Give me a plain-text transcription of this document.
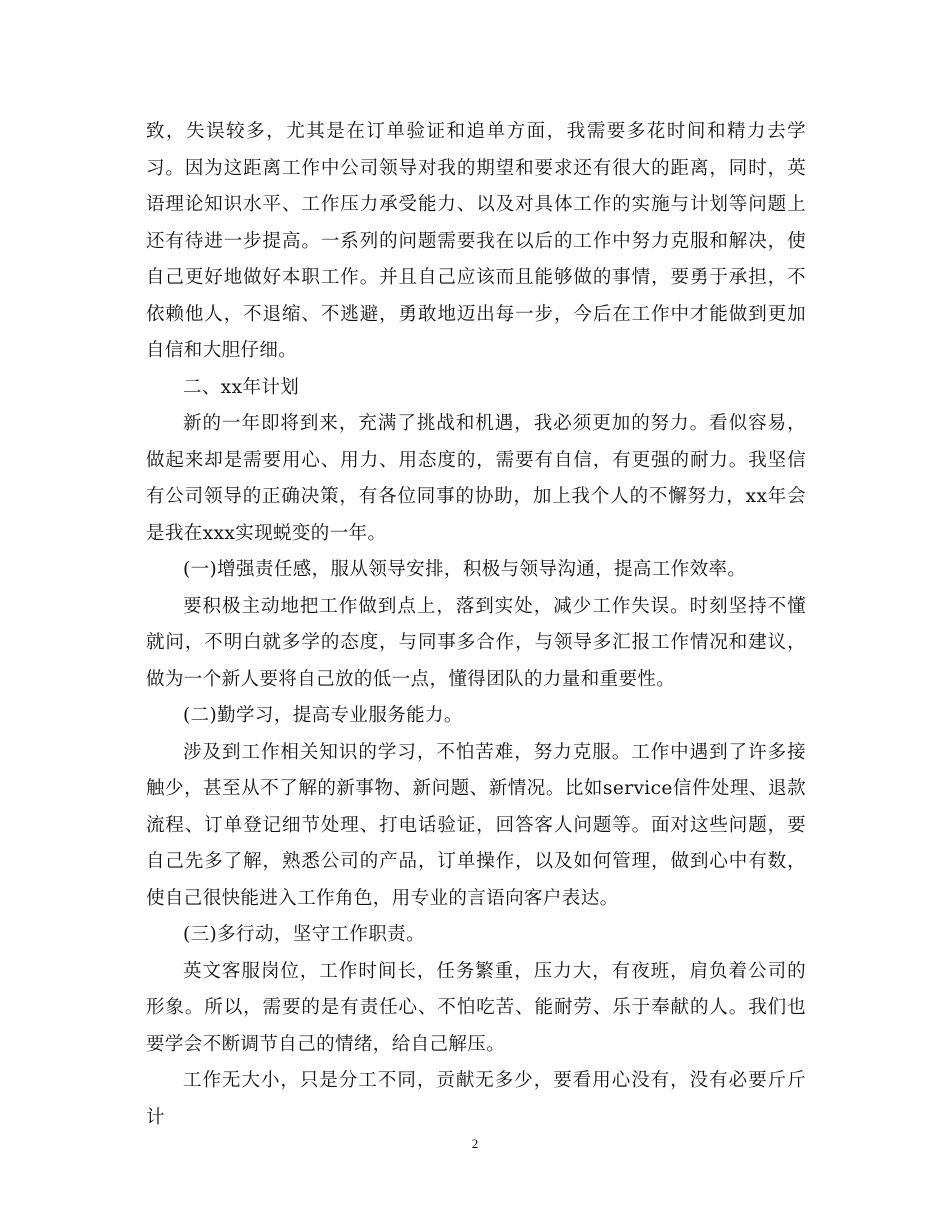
致，失误较多，尤其是在订单验证和追单方面，我需要多花时间和精力去学习。因为这距离工作中公司领导对我的期望和要求还有很大的距离，同时，英语理论知识水平、工作压力承受能力、以及对具体工作的实施与计划等问题上还有待进一步提高。一系列的问题需要我在以后的工作中努力克服和解决，使自己更好地做好本职工作。并且自己应该而且能够做的事情，要勇于承担，不依赖他人，不退缩、不逃避，勇敢地迈出每一步，今后在工作中才能做到更加自信和大胆仔细。

二、xx年计划

新的一年即将到来，充满了挑战和机遇，我必须更加的努力。看似容易，做起来却是需要用心、用力、用态度的，需要有自信，有更强的耐力。我坚信有公司领导的正确决策，有各位同事的协助，加上我个人的不懈努力，xx年会是我在xxx实现蜕变的一年。

(一)增强责任感，服从领导安排，积极与领导沟通，提高工作效率。

要积极主动地把工作做到点上，落到实处，减少工作失误。时刻坚持不懂就问，不明白就多学的态度，与同事多合作，与领导多汇报工作情况和建议，做为一个新人要将自己放的低一点，懂得团队的力量和重要性。

(二)勤学习，提高专业服务能力。

涉及到工作相关知识的学习，不怕苦难，努力克服。工作中遇到了许多接触少，甚至从不了解的新事物、新问题、新情况。比如service信件处理、退款流程、订单登记细节处理、打电话验证，回答客人问题等。面对这些问题，要自己先多了解，熟悉公司的产品，订单操作，以及如何管理，做到心中有数，使自己很快能进入工作角色，用专业的言语向客户表达。

(三)多行动，坚守工作职责。

英文客服岗位，工作时间长，任务繁重，压力大，有夜班，肩负着公司的形象。所以，需要的是有责任心、不怕吃苦、能耐劳、乐于奉献的人。我们也要学会不断调节自己的情绪，给自己解压。

工作无大小，只是分工不同，贡献无多少，要看用心没有，没有必要斤斤计

2
